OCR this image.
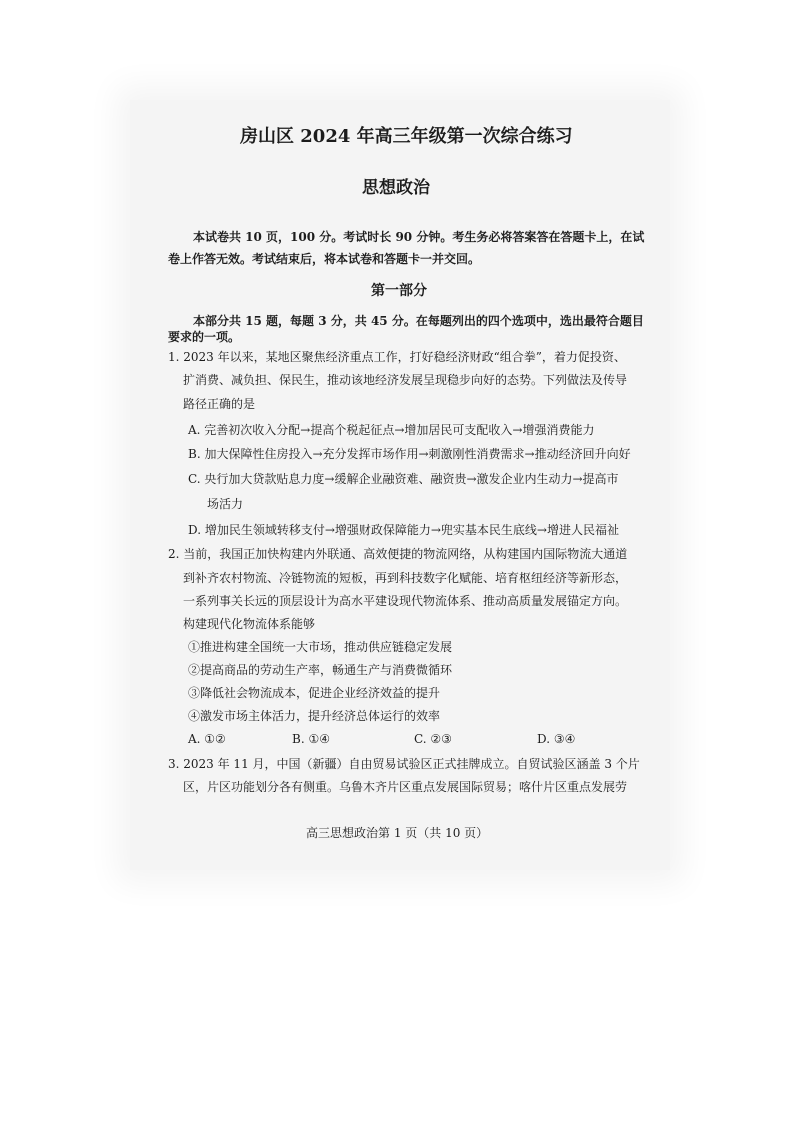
房山区 2024 年高三年级第一次综合练习
思想政治
本试卷共 10 页，100 分。考试时长 90 分钟。考生务必将答案答在答题卡上，在试
卷上作答无效。考试结束后，将本试卷和答题卡一并交回。
第一部分
本部分共 15 题，每题 3 分，共 45 分。在每题列出的四个选项中，选出最符合题目
要求的一项。
1. 2023 年以来，某地区聚焦经济重点工作，打好稳经济财政“组合拳”，着力促投资、
扩消费、减负担、保民生，推动该地经济发展呈现稳步向好的态势。下列做法及传导
路径正确的是
A. 完善初次收入分配→提高个税起征点→增加居民可支配收入→增强消费能力
B. 加大保障性住房投入→充分发挥市场作用→刺激刚性消费需求→推动经济回升向好
C. 央行加大贷款贴息力度→缓解企业融资难、融资贵→激发企业内生动力→提高市
场活力
D. 增加民生领域转移支付→增强财政保障能力→兜实基本民生底线→增进人民福祉
2. 当前，我国正加快构建内外联通、高效便捷的物流网络，从构建国内国际物流大通道
到补齐农村物流、冷链物流的短板，再到科技数字化赋能、培育枢纽经济等新形态，
一系列事关长远的顶层设计为高水平建设现代物流体系、推动高质量发展锚定方向。
构建现代化物流体系能够
①推进构建全国统一大市场，推动供应链稳定发展
②提高商品的劳动生产率，畅通生产与消费微循环
③降低社会物流成本，促进企业经济效益的提升
④激发市场主体活力，提升经济总体运行的效率
A. ①②	B. ①④	C. ②③	D. ③④
3. 2023 年 11 月，中国（新疆）自由贸易试验区正式挂牌成立。自贸试验区涵盖 3 个片
区，片区功能划分各有侧重。乌鲁木齐片区重点发展国际贸易；喀什片区重点发展劳
高三思想政治第 1 页（共 10 页）
